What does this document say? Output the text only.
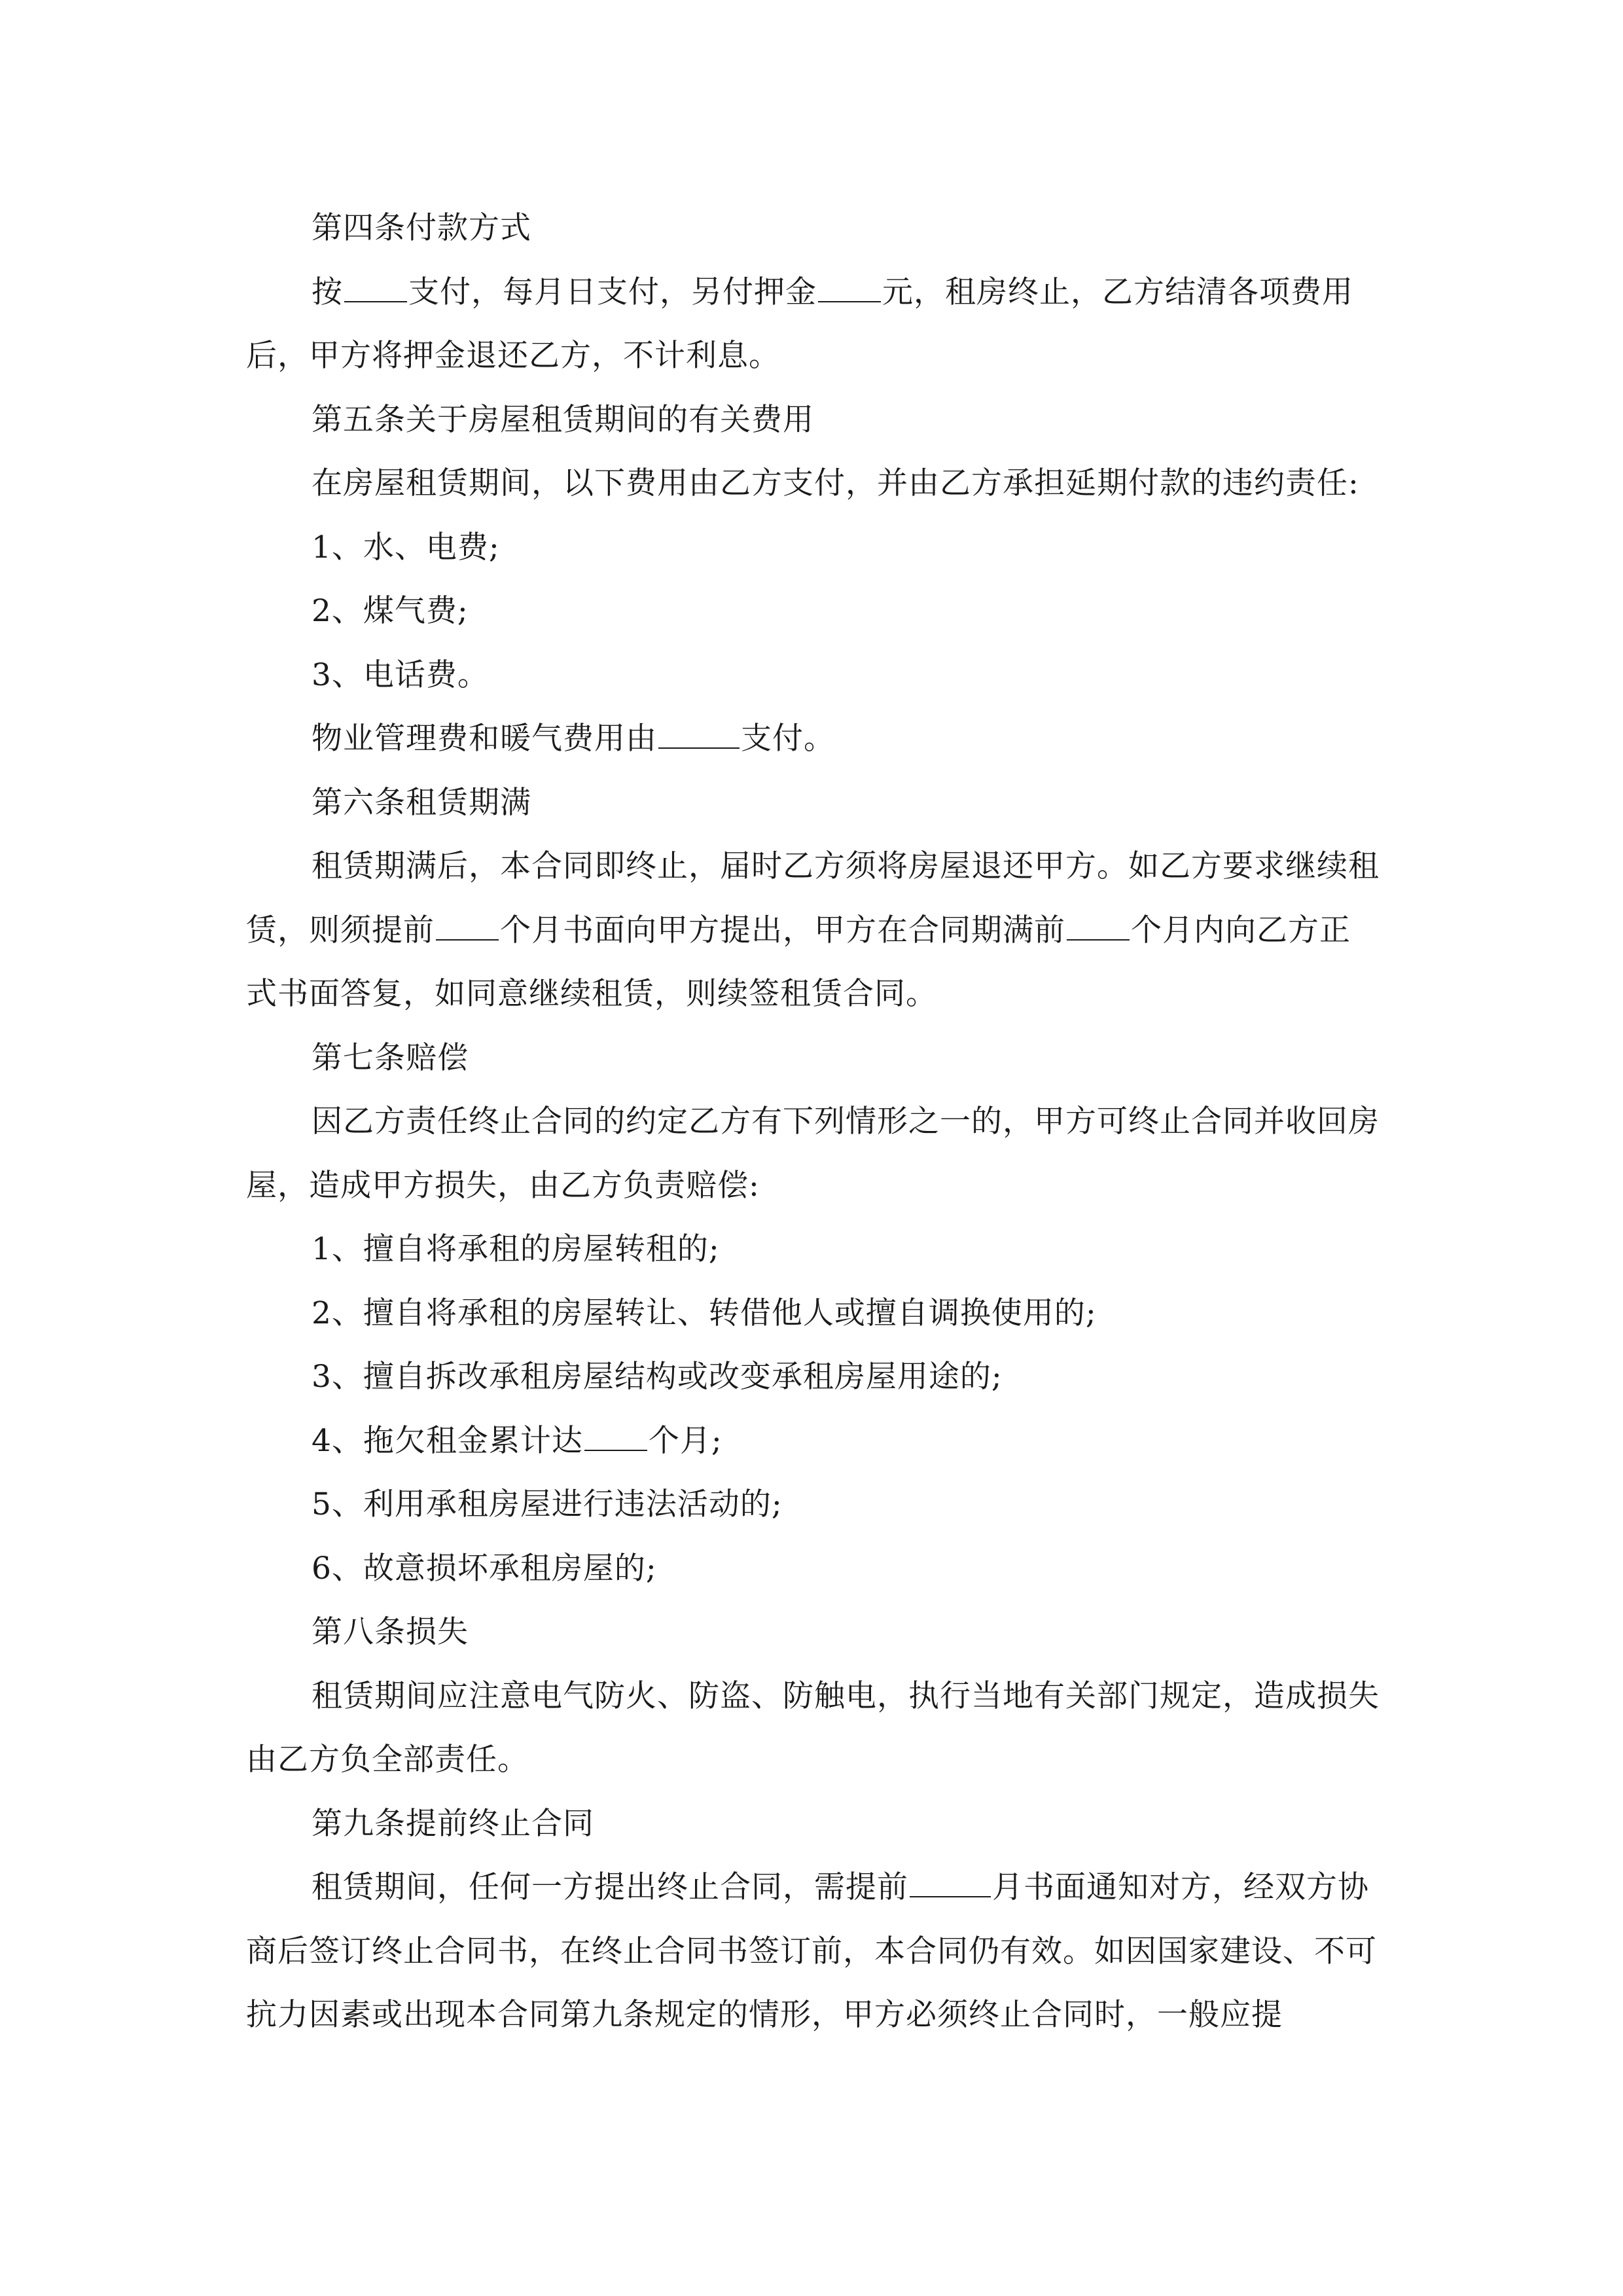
第四条付款方式

按 支付，每月日支付，另付押金 元，租房终止，乙方结清各项费用后，甲方将押金退还乙方，不计利息。

第五条关于房屋租赁期间的有关费用

在房屋租赁期间，以下费用由乙方支付，并由乙方承担延期付款的违约责任:

1、水、电费;

2、煤气费;

3、电话费。

物业管理费和暖气费用由	支付。

第六条租赁期满

租赁期满后，本合同即终止，届时乙方须将房屋退还甲方。如乙方要求继续租赁，则须提前 个月书面向甲方提出，甲方在合同期满前 个月内向乙方正式书面答复，如同意继续租赁，则续签租赁合同。

第七条赔偿

因乙方责任终止合同的约定乙方有下列情形之一的，甲方可终止合同并收回房屋，造成甲方损失，由乙方负责赔偿:

1、擅自将承租的房屋转租的;

2、擅自将承租的房屋转让、转借他人或擅自调换使用的;

3、擅自拆改承租房屋结构或改变承租房屋用途的;

4、拖欠租金累计达 个月;

5、利用承租房屋进行违法活动的;

6、故意损坏承租房屋的;

第八条损失

租赁期间应注意电气防火、防盗、防触电，执行当地有关部门规定，造成损失由乙方负全部责任。

第九条提前终止合同

租赁期间，任何一方提出终止合同，需提前	月书面通知对方，经双方协商后签订终止合同书，在终止合同书签订前，本合同仍有效。如因国家建设、不可抗力因素或出现本合同第九条规定的情形，甲方必须终止合同时，一般应提
